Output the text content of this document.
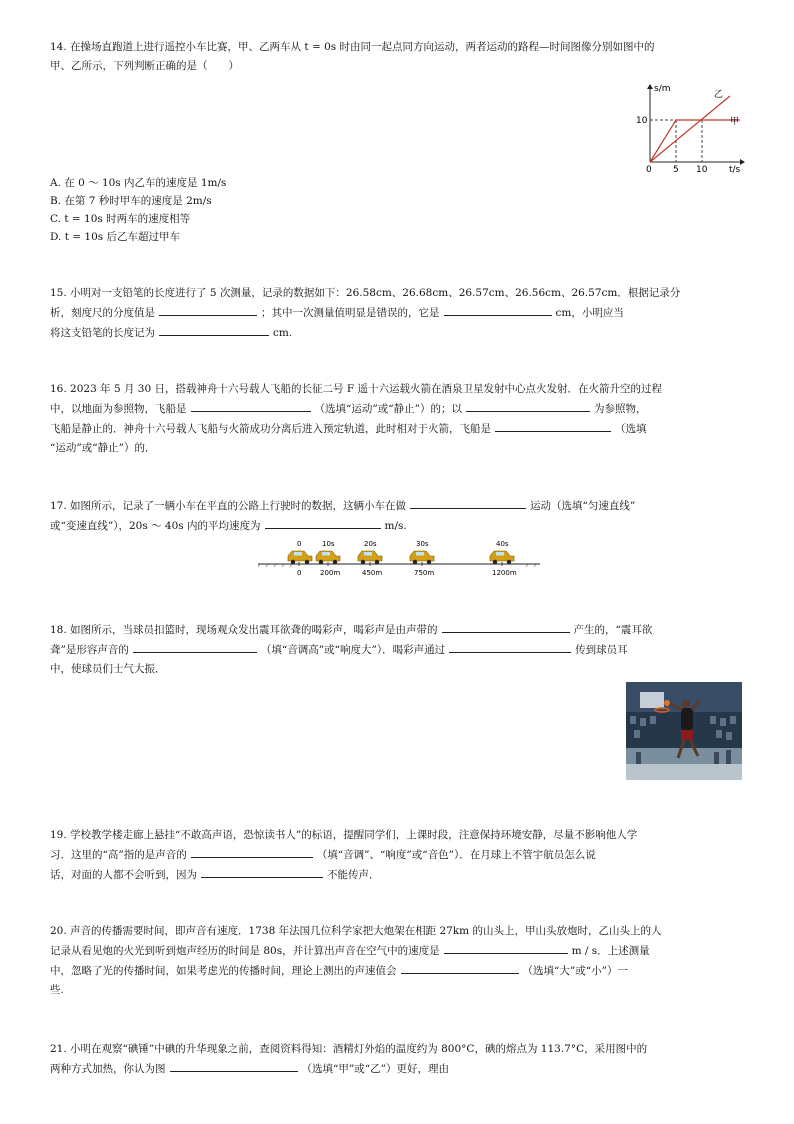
14. 在操场直跑道上进行遥控小车比赛，甲、乙两车从 t = 0s 时由同一起点同方向运动，两者运动的路程—时间图像分别如图中的
甲、乙所示，下列判断正确的是（　　）
s/m
t/s
10
0 5 10
甲
乙
A. 在 0 ～ 10s 内乙车的速度是 1m/s
B. 在第 7 秒时甲车的速度是 2m/s
C. t = 10s 时两车的速度相等
D. t = 10s 后乙车超过甲车
15. 小明对一支铅笔的长度进行了 5 次测量，记录的数据如下：26.58cm、26.68cm、26.57cm、26.56cm、26.57cm．根据记录分
析，刻度尺的分度值是	；其中一次测量值明显是错误的，它是	cm，小明应当
将这支铅笔的长度记为	cm.
16. 2023 年 5 月 30 日，搭载神舟十六号载人飞船的长征二号 F 遥十六运载火箭在酒泉卫星发射中心点火发射．在火箭升空的过程
中，以地面为参照物，飞船是	（选填“运动”或“静止”）的；以	为参照物，
飞船是静止的．神舟十六号载人飞船与火箭成功分离后进入预定轨道，此时相对于火箭，飞船是	（选填
“运动”或“静止”）的．
17. 如图所示，记录了一辆小车在平直的公路上行驶时的数据，这辆小车在做	运动（选填“匀速直线”
或“变速直线”），20s ～ 40s 内的平均速度为	m/s.
0	10s	20s	30s	40s
0	200m	450m	750m	1200m
18. 如图所示，当球员扣篮时，现场观众发出震耳欲聋的喝彩声，喝彩声是由声带的	产生的，“震耳欲
聋”是形容声音的	（填“音调高”或“响度大”）．喝彩声通过	传到球员耳
中，使球员们士气大振．
19. 学校教学楼走廊上悬挂“不敢高声语，恐惊读书人”的标语，提醒同学们，上课时段，注意保持环境安静，尽量不影响他人学
习．这里的“高”指的是声音的	（填“音调”、“响度”或“音色”）．在月球上不管宇航员怎么说
话，对面的人都不会听到，因为	不能传声．
20. 声音的传播需要时间，即声音有速度．1738 年法国几位科学家把大炮架在相距 27km 的山头上，甲山头放炮时，乙山头上的人
记录从看见炮的火光到听到炮声经历的时间是 80s，并计算出声音在空气中的速度是	m / s．上述测量
中，忽略了光的传播时间，如果考虑光的传播时间，理论上测出的声速值会	（选填“大”或“小”）一
些.
21. 小明在观察“碘锤”中碘的升华现象之前，查阅资料得知：酒精灯外焰的温度约为 800°C，碘的熔点为 113.7°C，采用图中的
两种方式加热，你认为图	（选填“甲”或“乙”）更好，理由
